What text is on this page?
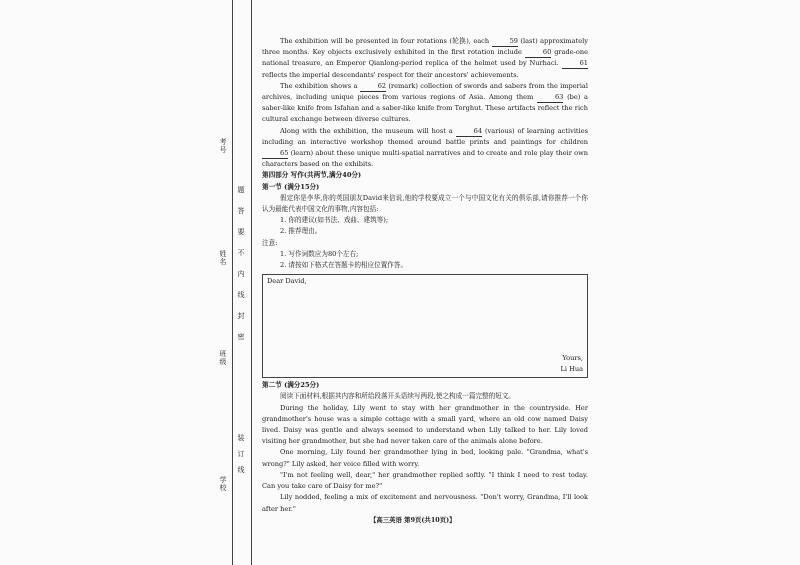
考号
姓名
班级
学校
题答要不内线封密
装订线

The exhibition will be presented in four rotations (轮换), each	59 (last) approximately three months. Key objects exclusively exhibited in the first rotation include	60 grade-one national treasure, an Emperor Qianlong-period replica of the helmet used by Nurhaci.	61 reflects the imperial descendants' respect for their ancestors' achievements.

The exhibition shows a	62 (remark) collection of swords and sabers from the imperial archives, including unique pieces from various regions of Asia. Among them	63 (be) a saber-like knife from Isfahan and a saber-like knife from Torghut. These artifacts reflect the rich cultural exchange between diverse cultures.

Along with the exhibition, the museum will host a	64 (various) of learning activities including an interactive workshop themed around battle prints and paintings for children 65 (learn) about these unique multi-spatial narratives and to create and role play their own characters based on the exhibits.

第四部分 写作(共两节,满分40分)

第一节 (满分15分)

假定你是李华,你的英国朋友David来信说,他的学校要成立一个与中国文化有关的俱乐部,请你推荐一个你认为最能代表中国文化的事物,内容包括:

1. 你的建议(如书法、戏曲、建筑等);

2. 推荐理由。

注意:

1. 写作词数应为80个左右;

2. 请按如下格式在答题卡的相应位置作答。

Dear David,
Yours,
Li Hua

第二节 (满分25分)

阅读下面材料,根据其内容和所给段落开头语续写两段,使之构成一篇完整的短文。

During the holiday, Lily went to stay with her grandmother in the countryside. Her grandmother's house was a simple cottage with a small yard, where an old cow named Daisy lived. Daisy was gentle and always seemed to understand when Lily talked to her. Lily loved visiting her grandmother, but she had never taken care of the animals alone before.

One morning, Lily found her grandmother lying in bed, looking pale. "Grandma, what's wrong?" Lily asked, her voice filled with worry.

"I'm not feeling well, dear," her grandmother replied softly. "I think I need to rest today. Can you take care of Daisy for me?"

Lily nodded, feeling a mix of excitement and nervousness. "Don't worry, Grandma, I'll look after her."

【高三英语 第9页(共10页)】
